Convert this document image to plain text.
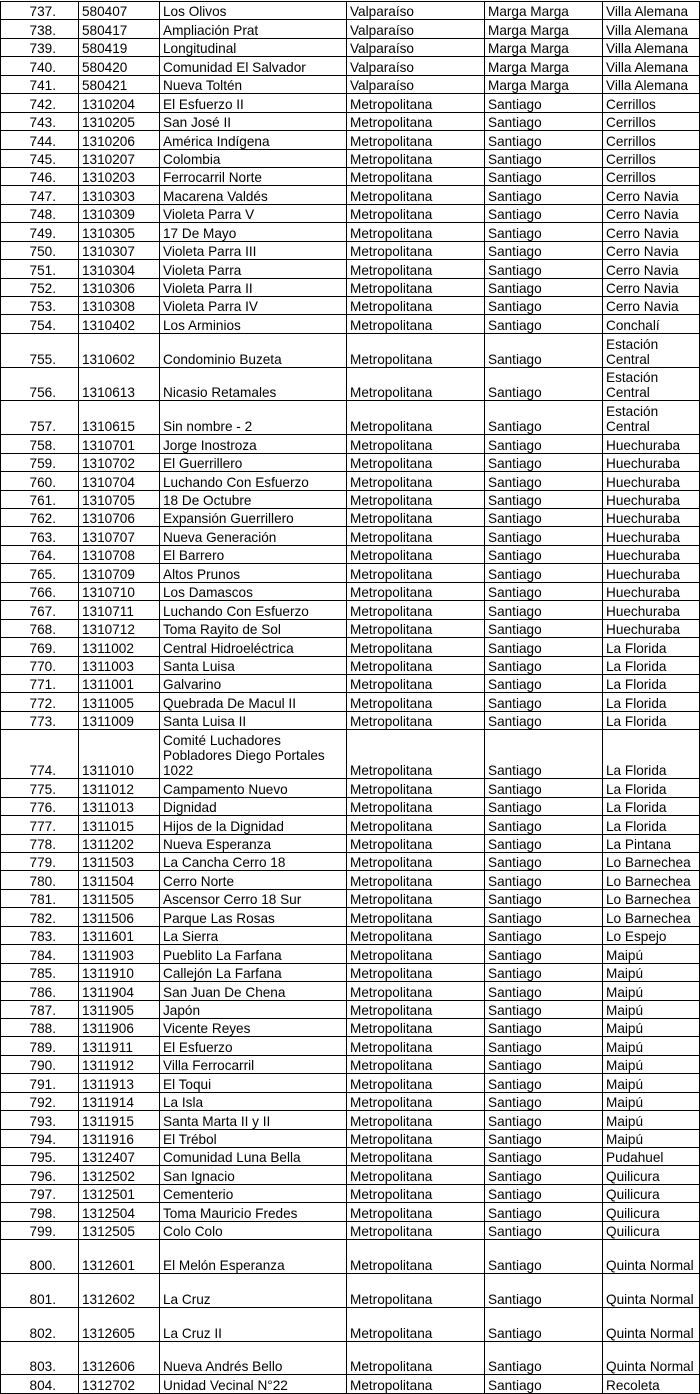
737.	580407	Los Olivos	Valparaíso	Marga Marga	Villa Alemana
738.	580417	Ampliación Prat	Valparaíso	Marga Marga	Villa Alemana
739.	580419	Longitudinal	Valparaíso	Marga Marga	Villa Alemana
740.	580420	Comunidad El Salvador	Valparaíso	Marga Marga	Villa Alemana
741.	580421	Nueva Toltén	Valparaíso	Marga Marga	Villa Alemana
742.	1310204	El Esfuerzo II	Metropolitana	Santiago	Cerrillos
743.	1310205	San José II	Metropolitana	Santiago	Cerrillos
744.	1310206	América Indígena	Metropolitana	Santiago	Cerrillos
745.	1310207	Colombia	Metropolitana	Santiago	Cerrillos
746.	1310203	Ferrocarril Norte	Metropolitana	Santiago	Cerrillos
747.	1310303	Macarena Valdés	Metropolitana	Santiago	Cerro Navia
748.	1310309	Violeta Parra V	Metropolitana	Santiago	Cerro Navia
749.	1310305	17 De Mayo	Metropolitana	Santiago	Cerro Navia
750.	1310307	Violeta Parra III	Metropolitana	Santiago	Cerro Navia
751.	1310304	Violeta Parra	Metropolitana	Santiago	Cerro Navia
752.	1310306	Violeta Parra II	Metropolitana	Santiago	Cerro Navia
753.	1310308	Violeta Parra IV	Metropolitana	Santiago	Cerro Navia
754.	1310402	Los Arminios	Metropolitana	Santiago	Conchalí
755.	1310602	Condominio Buzeta	Metropolitana	Santiago	Estación Central
756.	1310613	Nicasio Retamales	Metropolitana	Santiago	Estación Central
757.	1310615	Sin nombre - 2	Metropolitana	Santiago	Estación Central
758.	1310701	Jorge Inostroza	Metropolitana	Santiago	Huechuraba
759.	1310702	El Guerrillero	Metropolitana	Santiago	Huechuraba
760.	1310704	Luchando Con Esfuerzo	Metropolitana	Santiago	Huechuraba
761.	1310705	18 De Octubre	Metropolitana	Santiago	Huechuraba
762.	1310706	Expansión Guerrillero	Metropolitana	Santiago	Huechuraba
763.	1310707	Nueva Generación	Metropolitana	Santiago	Huechuraba
764.	1310708	El Barrero	Metropolitana	Santiago	Huechuraba
765.	1310709	Altos Prunos	Metropolitana	Santiago	Huechuraba
766.	1310710	Los Damascos	Metropolitana	Santiago	Huechuraba
767.	1310711	Luchando Con Esfuerzo	Metropolitana	Santiago	Huechuraba
768.	1310712	Toma Rayito de Sol	Metropolitana	Santiago	Huechuraba
769.	1311002	Central Hidroeléctrica	Metropolitana	Santiago	La Florida
770.	1311003	Santa Luisa	Metropolitana	Santiago	La Florida
771.	1311001	Galvarino	Metropolitana	Santiago	La Florida
772.	1311005	Quebrada De Macul II	Metropolitana	Santiago	La Florida
773.	1311009	Santa Luisa II	Metropolitana	Santiago	La Florida
774.	1311010	Comité Luchadores Pobladores Diego Portales 1022	Metropolitana	Santiago	La Florida
775.	1311012	Campamento Nuevo	Metropolitana	Santiago	La Florida
776.	1311013	Dignidad	Metropolitana	Santiago	La Florida
777.	1311015	Hijos de la Dignidad	Metropolitana	Santiago	La Florida
778.	1311202	Nueva Esperanza	Metropolitana	Santiago	La Pintana
779.	1311503	La Cancha Cerro 18	Metropolitana	Santiago	Lo Barnechea
780.	1311504	Cerro Norte	Metropolitana	Santiago	Lo Barnechea
781.	1311505	Ascensor Cerro 18 Sur	Metropolitana	Santiago	Lo Barnechea
782.	1311506	Parque Las Rosas	Metropolitana	Santiago	Lo Barnechea
783.	1311601	La Sierra	Metropolitana	Santiago	Lo Espejo
784.	1311903	Pueblito La Farfana	Metropolitana	Santiago	Maipú
785.	1311910	Callejón La Farfana	Metropolitana	Santiago	Maipú
786.	1311904	San Juan De Chena	Metropolitana	Santiago	Maipú
787.	1311905	Japón	Metropolitana	Santiago	Maipú
788.	1311906	Vicente Reyes	Metropolitana	Santiago	Maipú
789.	1311911	El Esfuerzo	Metropolitana	Santiago	Maipú
790.	1311912	Villa Ferrocarril	Metropolitana	Santiago	Maipú
791.	1311913	El Toqui	Metropolitana	Santiago	Maipú
792.	1311914	La Isla	Metropolitana	Santiago	Maipú
793.	1311915	Santa Marta II y II	Metropolitana	Santiago	Maipú
794.	1311916	El Trébol	Metropolitana	Santiago	Maipú
795.	1312407	Comunidad Luna Bella	Metropolitana	Santiago	Pudahuel
796.	1312502	San Ignacio	Metropolitana	Santiago	Quilicura
797.	1312501	Cementerio	Metropolitana	Santiago	Quilicura
798.	1312504	Toma Mauricio Fredes	Metropolitana	Santiago	Quilicura
799.	1312505	Colo Colo	Metropolitana	Santiago	Quilicura
800.	1312601	El Melón Esperanza	Metropolitana	Santiago	Quinta Normal
801.	1312602	La Cruz	Metropolitana	Santiago	Quinta Normal
802.	1312605	La Cruz II	Metropolitana	Santiago	Quinta Normal
803.	1312606	Nueva Andrés Bello	Metropolitana	Santiago	Quinta Normal
804.	1312702	Unidad Vecinal N°22	Metropolitana	Santiago	Recoleta
